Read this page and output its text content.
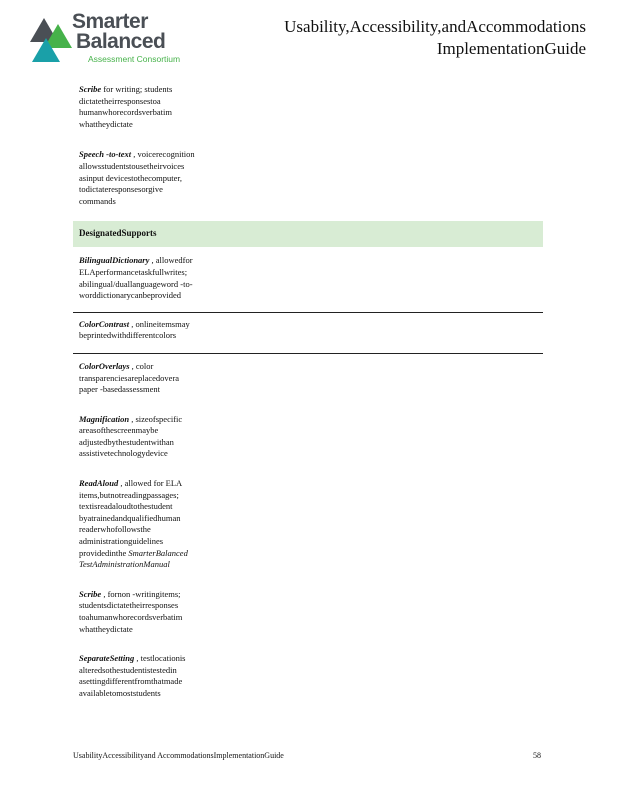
Smarter
Balanced
Assessment Consortium
Usability,Accessibility,andAccommodations
ImplementationGuide
Scribe for writing; students
dictatetheirresponsestoa
humanwhorecordsverbatim
whattheydictate
Speech -to-text , voicerecognition
allowsstudentstousetheirvoices
asinput devicestothecomputer,
todictateresponsesorgive
commands
DesignatedSupports
BilingualDictionary , allowedfor
ELAperformancetaskfullwrites;
abilingual/duallanguageword -to-
worddictionarycanbeprovided
ColorContrast , onlineitemsmay
beprintedwithdifferentcolors
ColorOverlays , color
transparenciesareplacedovera
paper -basedassessment
Magnification , sizeofspecific
areasofthescreenmaybe
adjustedbythestudentwithan
assistivetechnologydevice
ReadAloud , allowed for ELA
items,butnotreadingpassages;
textisreadaloudtothestudent
byatrainedandqualifiedhuman
readerwhofollowsthe
administrationguidelines
providedinthe SmarterBalanced
TestAdministrationManual
Scribe , fornon -writingitems;
studentsdictatetheirresponses
toahumanwhorecordsverbatim
whattheydictate
SeparateSetting , testlocationis
alteredsothestudentistestedin
asettingdifferentfromthatmade
availabletomoststudents
UsabilityAccessibilityand AccommodationsImplementationGuide	58
